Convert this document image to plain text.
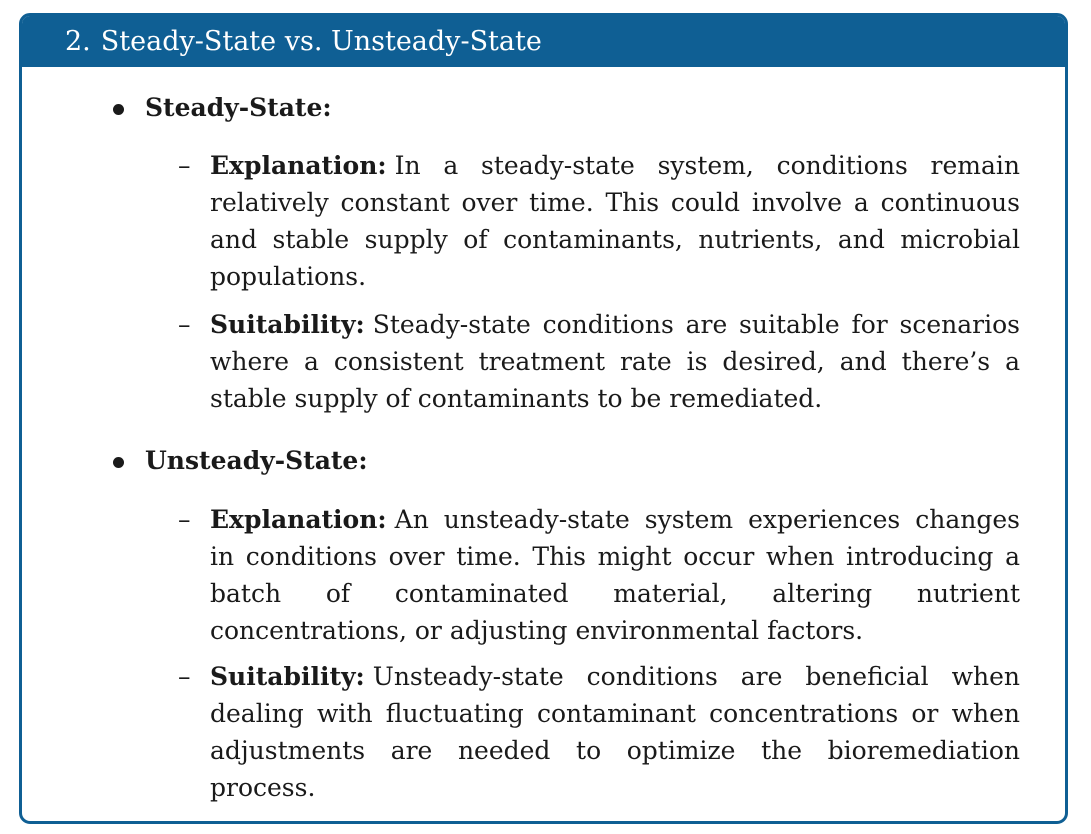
2. Steady-State vs. Unsteady-State
Steady-State:
– Explanation: In a steady-state system, conditions remain relatively constant over time. This could involve a continuous and stable supply of contaminants, nutrients, and microbial populations.
– Suitability: Steady-state conditions are suitable for scenarios where a consistent treatment rate is desired, and there’s a stable supply of contaminants to be remediated.
Unsteady-State:
– Explanation: An unsteady-state system experiences changes in conditions over time. This might occur when introducing a batch of contaminated material, altering nutrient concentrations, or adjusting environmental factors.
– Suitability: Unsteady-state conditions are beneficial when dealing with fluctuating contaminant concentrations or when adjustments are needed to optimize the bioremediation process.
